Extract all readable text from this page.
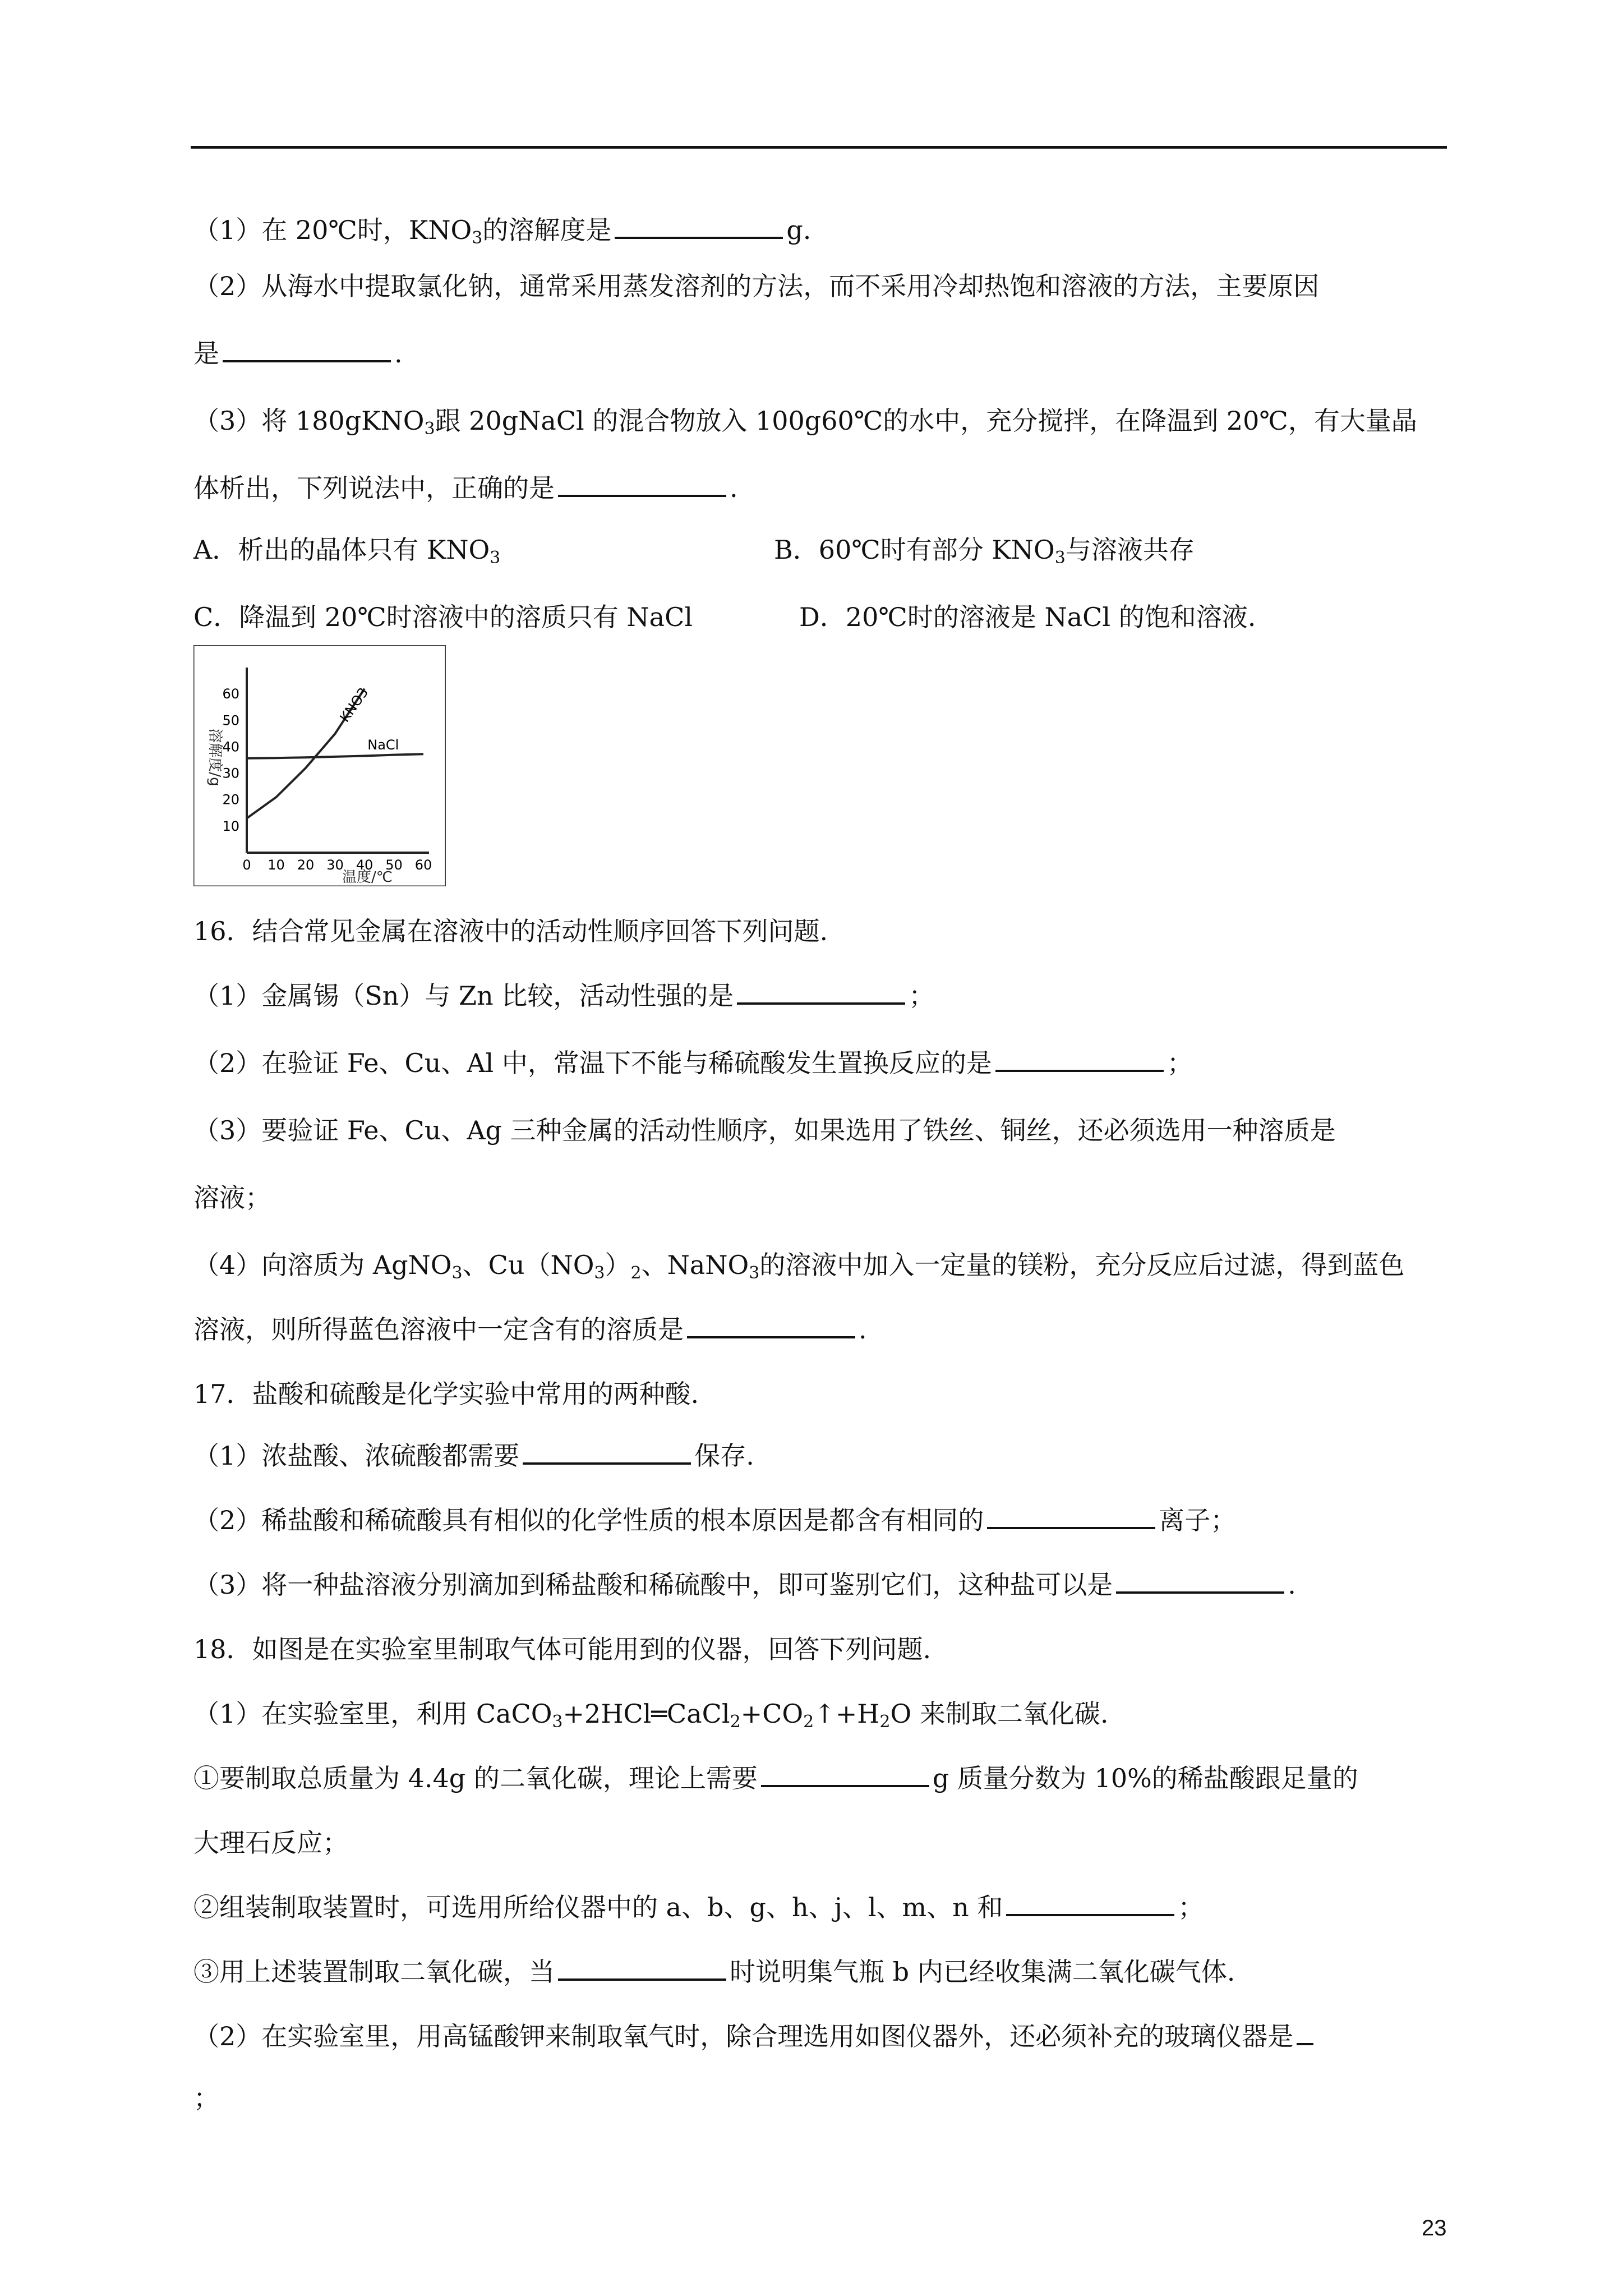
（1）在 20℃时，$KNO_3$的溶解度是	g.
（2）从海水中提取氯化钠，通常采用蒸发溶剂的方法，而不采用冷却热饱和溶液的方法，主要原因
是	.
（3）将 180gKNO$_3$跟 20gNaCl 的混合物放入 100g60℃的水中，充分搅拌，在降温到 20℃，有大量晶
体析出，下列说法中，正确的是	.
A．析出的晶体只有 $KNO_3$	B．60℃时有部分 $KNO_3$与溶液共存
C．降温到 20℃时溶液中的溶质只有 NaCl	D．20℃时的溶液是 NaCl 的饱和溶液.
溶解度/g
温度/℃
0 10 20 30 40 50 60
10
20
30
40
50
60	KNO3
NaCl
16．结合常见金属在溶液中的活动性顺序回答下列问题.
（1）金属锡（Sn）与 Zn 比较，活动性强的是	；
（2）在验证 Fe、Cu、Al 中，常温下不能与稀硫酸发生置换反应的是	；
（3）要验证 Fe、Cu、Ag 三种金属的活动性顺序，如果选用了铁丝、铜丝，还必须选用一种溶质是
溶液；
（4）向溶质为 AgNO$_3$、$Cu(NO_3)_2$、NaNO$_3$的溶液中加入一定量的镁粉，充分反应后过滤，得到蓝色
溶液，则所得蓝色溶液中一定含有的溶质是	.
17．盐酸和硫酸是化学实验中常用的两种酸.
（1）浓盐酸、浓硫酸都需要	保存.
（2）稀盐酸和稀硫酸具有相似的化学性质的根本原因是都含有相同的	离子；
（3）将一种盐溶液分别滴加到稀盐酸和稀硫酸中，即可鉴别它们，这种盐可以是	.
18．如图是在实验室里制取气体可能用到的仪器，回答下列问题.
（1）在实验室里，利用 $CaCO_3+2HCl═CaCl_2+CO_2↑+H_2O$ 来制取二氧化碳.
①要制取总质量为 4.4g 的二氧化碳，理论上需要	g 质量分数为 10%的稀盐酸跟足量的
大理石反应；
②组装制取装置时，可选用所给仪器中的 a、b、g、h、j、l、m、n 和	；
③用上述装置制取二氧化碳，当	时说明集气瓶 b 内已经收集满二氧化碳气体.
（2）在实验室里，用高锰酸钾来制取氧气时，除合理选用如图仪器外，还必须补充的玻璃仪器是
；
23
